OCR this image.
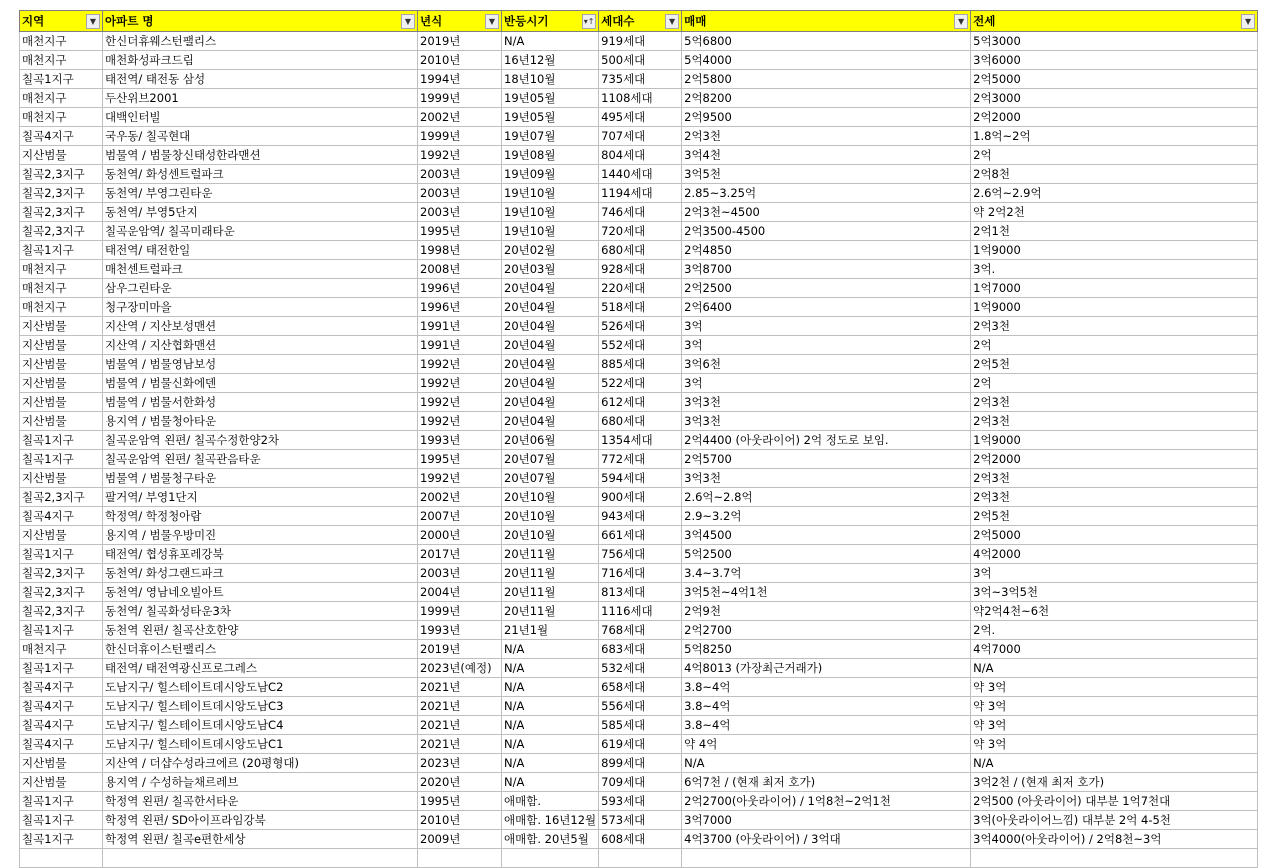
지역 ▼	아파트 명 ▼	년식 ▼	반등시기 ▾↑	세대수 ▼	매매 ▼	전세 ▼

매천지구	한신더휴웨스턴팰리스	2019년	N/A	919세대	5억6800	5억3000
매천지구	매천화성파크드림	2010년	16년12월	500세대	5억4000	3억6000
칠곡1지구	태전역/ 태전동 삼성	1994년	18년10월	735세대	2억5800	2억5000
매천지구	두산위브2001	1999년	19년05월	1108세대	2억8200	2억3000
매천지구	대백인터빌	2002년	19년05월	495세대	2억9500	2억2000
칠곡4지구	국우동/ 칠곡현대	1999년	19년07월	707세대	2억3천	1.8억~2억
지산범물	범물역 / 범물창신태성한라맨션	1992년	19년08월	804세대	3억4천	2억
칠곡2,3지구	동천역/ 화성센트럴파크	2003년	19년09월	1440세대	3억5천	2억8천
칠곡2,3지구	동천역/ 부영그린타운	2003년	19년10월	1194세대	2.85~3.25억	2.6억~2.9억
칠곡2,3지구	동천역/ 부영5단지	2003년	19년10월	746세대	2억3천~4500	약 2억2천
칠곡2,3지구	칠곡운암역/ 칠곡미래타운	1995년	19년10월	720세대	2억3500-4500	2억1천
칠곡1지구	태전역/ 태전한일	1998년	20년02월	680세대	2억4850	1억9000
매천지구	매천센트럴파크	2008년	20년03월	928세대	3억8700	3억.
매천지구	삼우그린타운	1996년	20년04월	220세대	2억2500	1억7000
매천지구	청구장미마을	1996년	20년04월	518세대	2억6400	1억9000
지산범물	지산역 / 지산보성맨션	1991년	20년04월	526세대	3억	2억3천
지산범물	지산역 / 지산협화맨션	1991년	20년04월	552세대	3억	2억
지산범물	범물역 / 범물영남보성	1992년	20년04월	885세대	3억6천	2억5천
지산범물	범물역 / 범물신화에덴	1992년	20년04월	522세대	3억	2억
지산범물	범물역 / 범물서한화성	1992년	20년04월	612세대	3억3천	2억3천
지산범물	용지역 / 범물청아타운	1992년	20년04월	680세대	3억3천	2억3천
칠곡1지구	칠곡운암역 왼편/ 칠곡수정한양2차	1993년	20년06월	1354세대	2억4400 (아웃라이어) 2억 정도로 보임.	1억9000
칠곡1지구	칠곡운암역 왼편/ 칠곡관음타운	1995년	20년07월	772세대	2억5700	2억2000
지산범물	범물역 / 범물청구타운	1992년	20년07월	594세대	3억3천	2억3천
칠곡2,3지구	팔거역/ 부영1단지	2002년	20년10월	900세대	2.6억~2.8억	2억3천
칠곡4지구	학정역/ 학정청아람	2007년	20년10월	943세대	2.9~3.2억	2억5천
지산범물	용지역 / 범물우방미진	2000년	20년10월	661세대	3억4500	2억5000
칠곡1지구	태전역/ 협성휴포레강북	2017년	20년11월	756세대	5억2500	4억2000
칠곡2,3지구	동천역/ 화성그랜드파크	2003년	20년11월	716세대	3.4~3.7억	3억
칠곡2,3지구	동천역/ 영남네오빌아트	2004년	20년11월	813세대	3억5천~4억1천	3억~3억5천
칠곡2,3지구	동천역/ 칠곡화성타운3차	1999년	20년11월	1116세대	2억9천	약2억4천~6천
칠곡1지구	동천역 왼편/ 칠곡산호한양	1993년	21년1월	768세대	2억2700	2억.
매천지구	한신더휴이스턴팰리스	2019년	N/A	683세대	5억8250	4억7000
칠곡1지구	태전역/ 태전역광신프로그레스	2023년(예정)	N/A	532세대	4억8013 (가장최근거래가)	N/A
칠곡4지구	도남지구/ 힐스테이트데시앙도남C2	2021년	N/A	658세대	3.8~4억	약 3억
칠곡4지구	도남지구/ 힐스테이트데시앙도남C3	2021년	N/A	556세대	3.8~4억	약 3억
칠곡4지구	도남지구/ 힐스테이트데시앙도남C4	2021년	N/A	585세대	3.8~4억	약 3억
칠곡4지구	도남지구/ 힐스테이트데시앙도남C1	2021년	N/A	619세대	약 4억	약 3억
지산범물	지산역 / 더샵수성라크에르 (20평형대)	2023년	N/A	899세대	N/A	N/A
지산범물	용지역 / 수성하늘채르레브	2020년	N/A	709세대	6억7천 / (현재 최저 호가)	3억2천 / (현재 최저 호가)
칠곡1지구	학정역 왼편/ 칠곡한서타운	1995년	애매함.	593세대	2억2700(아웃라이어) / 1억8천~2억1천	2억500 (아웃라이어) 대부분 1억7천대
칠곡1지구	학정역 왼편/ SD아이프라임강북	2010년	애매함. 16년12월	573세대	3억7000	3억(아웃라이어느낌) 대부분 2억 4-5천
칠곡1지구	학정역 왼편/ 칠곡e편한세상	2009년	애매함. 20년5월	608세대	4억3700 (아웃라이어) / 3억대	3억4000(아웃라이어) / 2억8천~3억
